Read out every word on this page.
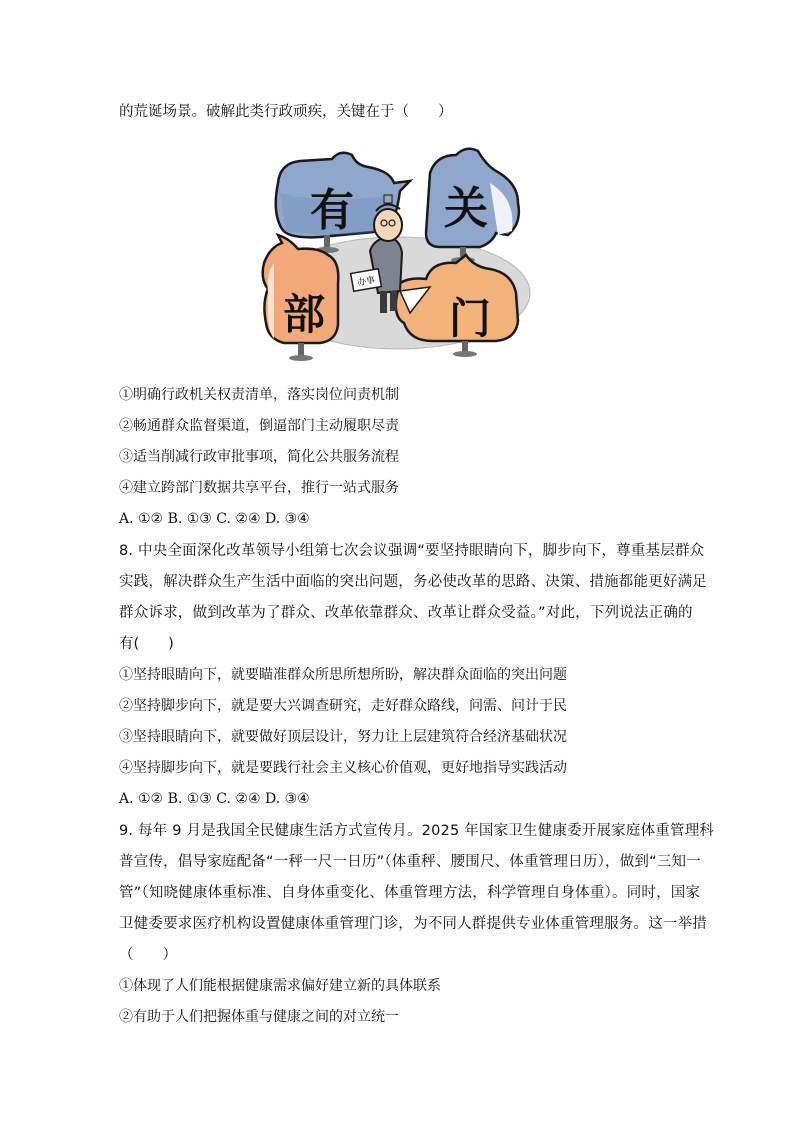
的荒诞场景。破解此类行政顽疾，关键在于（　　）
有 关
部	门
办事
①明确行政机关权责清单，落实岗位问责机制
②畅通群众监督渠道，倒逼部门主动履职尽责
③适当削减行政审批事项，简化公共服务流程
④建立跨部门数据共享平台，推行一站式服务
A. ①② B. ①③ C. ②④ D. ③④
8. 中央全面深化改革领导小组第七次会议强调“要坚持眼睛向下，脚步向下，尊重基层群众
实践，解决群众生产生活中面临的突出问题，务必使改革的思路、决策、措施都能更好满足
群众诉求，做到改革为了群众、改革依靠群众、改革让群众受益。”对此，下列说法正确的
有(　　)
①坚持眼睛向下，就要瞄准群众所思所想所盼，解决群众面临的突出问题
②坚持脚步向下，就是要大兴调查研究，走好群众路线，问需、问计于民
③坚持眼睛向下，就要做好顶层设计，努力让上层建筑符合经济基础状况
④坚持脚步向下，就是要践行社会主义核心价值观，更好地指导实践活动
A. ①② B. ①③ C. ②④ D. ③④
9. 每年 9 月是我国全民健康生活方式宣传月。2025 年国家卫生健康委开展家庭体重管理科
普宣传，倡导家庭配备“一秤一尺一日历”（体重秤、腰围尺、体重管理日历），做到“三知一
管”（知晓健康体重标准、自身体重变化、体重管理方法，科学管理自身体重）。同时，国家
卫健委要求医疗机构设置健康体重管理门诊，为不同人群提供专业体重管理服务。这一举措
（　　）
①体现了人们能根据健康需求偏好建立新的具体联系
②有助于人们把握体重与健康之间的对立统一
